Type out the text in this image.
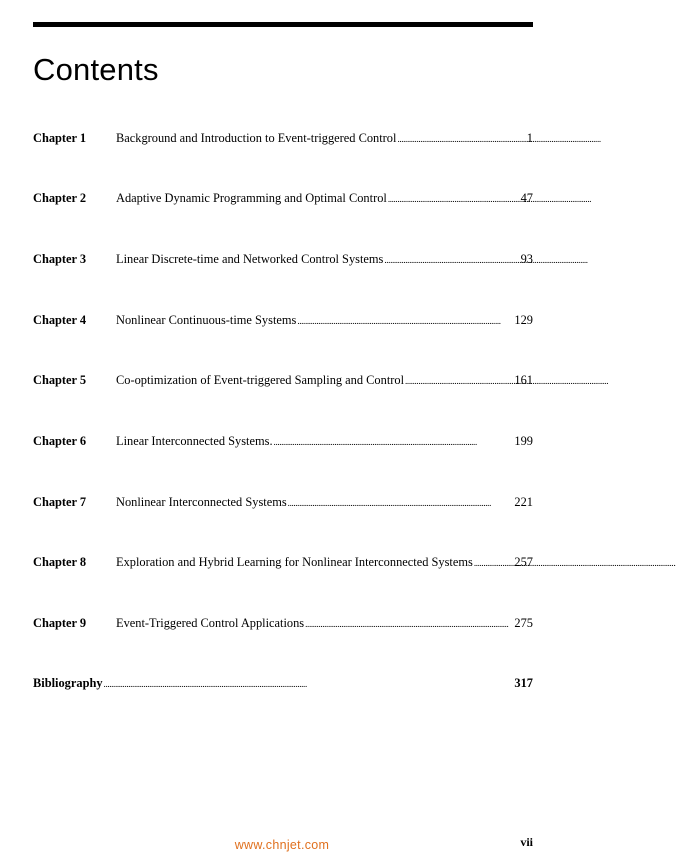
Contents
Chapter 1	Background and Introduction to Event-triggered Control . . .	1
Chapter 2	Adaptive Dynamic Programming and Optimal Control . . .	47
Chapter 3	Linear Discrete-time and Networked Control Systems . . .	93
Chapter 4	Nonlinear Continuous-time Systems . . .	129
Chapter 5	Co-optimization of Event-triggered Sampling and Control . . .	161
Chapter 6	Linear Interconnected Systems. . . .	199
Chapter 7	Nonlinear Interconnected Systems . . .	221
Chapter 8	Exploration and Hybrid Learning for Nonlinear Interconnected Systems . . .	257
Chapter 9	Event-Triggered Control Applications . . .	275
Bibliography . . .	317
www.chnjet.com	vii
